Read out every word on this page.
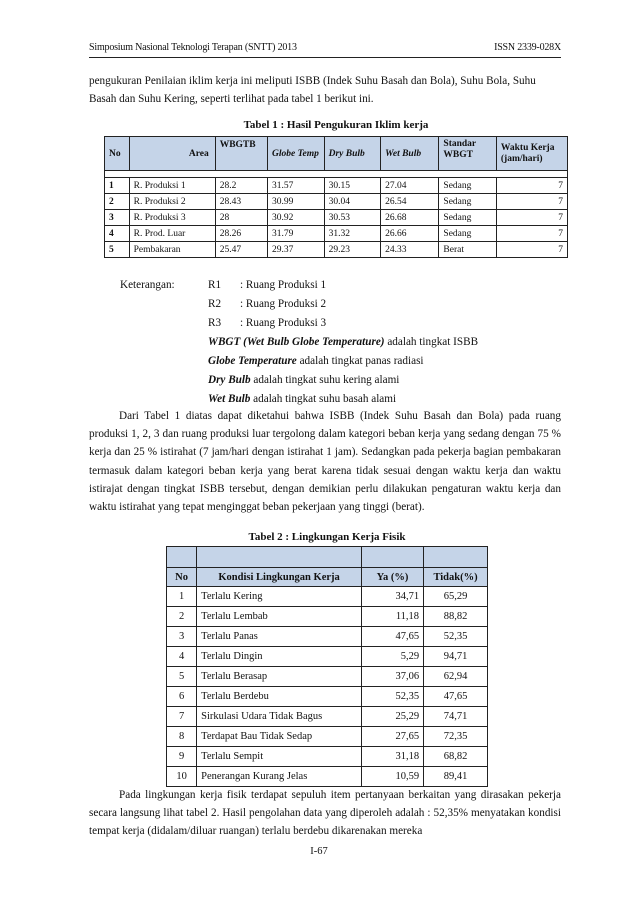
Simposium Nasional Teknologi Terapan (SNTT) 2013	ISSN 2339-028X

pengukuran Penilaian iklim kerja ini meliputi ISBB (Indek Suhu Basah dan Bola), Suhu Bola, Suhu Basah dan Suhu Kering, seperti terlihat pada tabel 1 berikut ini.

Tabel 1 : Hasil Pengukuran Iklim kerja
No	Area	WBGTB	Globe Temp	Dry Bulb	Wet Bulb	Standar WBGT	Waktu Kerja (jam/hari)

1	R. Produksi 1	28.2	31.57	30.15	27.04	Sedang	7
2	R. Produksi 2	28.43	30.99	30.04	26.54	Sedang	7
3	R. Produksi 3	28	30.92	30.53	26.68	Sedang	7
4	R. Prod. Luar	28.26	31.79	31.32	26.66	Sedang	7
5	Pembakaran	25.47	29.37	29.23	24.33	Berat	7
Keterangan:	R1	: Ruang Produksi 1
R2	: Ruang Produksi 2
R3	: Ruang Produksi 3
WBGT (Wet Bulb Globe Temperature) adalah tingkat ISBB
Globe Temperature adalah tingkat panas radiasi
Dry Bulb adalah tingkat suhu kering alami
Wet Bulb adalah tingkat suhu basah alami

Dari Tabel 1 diatas dapat diketahui bahwa ISBB (Indek Suhu Basah dan Bola) pada ruang produksi 1, 2, 3 dan ruang produksi luar tergolong dalam kategori beban kerja yang sedang dengan 75 % kerja dan 25 % istirahat (7 jam/hari dengan istirahat 1 jam). Sedangkan pada pekerja bagian pembakaran termasuk dalam kategori beban kerja yang berat karena tidak sesuai dengan waktu kerja dan waktu istirajat dengan tingkat ISBB tersebut, dengan demikian perlu dilakukan pengaturan waktu kerja dan waktu istirahat yang tepat menginggat beban pekerjaan yang tinggi (berat).

Tabel 2 : Lingkungan Kerja Fisik

No	Kondisi Lingkungan Kerja	Ya (%)	Tidak(%)
1	Terlalu Kering	34,71	65,29
2	Terlalu Lembab	11,18	88,82
3	Terlalu Panas	47,65	52,35
4	Terlalu Dingin	5,29	94,71
5	Terlalu Berasap	37,06	62,94
6	Terlalu Berdebu	52,35	47,65
7	Sirkulasi Udara Tidak Bagus	25,29	74,71
8	Terdapat Bau Tidak Sedap	27,65	72,35
9	Terlalu Sempit	31,18	68,82
10	Penerangan Kurang Jelas	10,59	89,41

Pada lingkungan kerja fisik terdapat sepuluh item pertanyaan berkaitan yang dirasakan pekerja secara langsung lihat tabel 2. Hasil pengolahan data yang diperoleh adalah : 52,35% menyatakan kondisi tempat kerja (didalam/diluar ruangan) terlalu berdebu dikarenakan mereka

I-67
